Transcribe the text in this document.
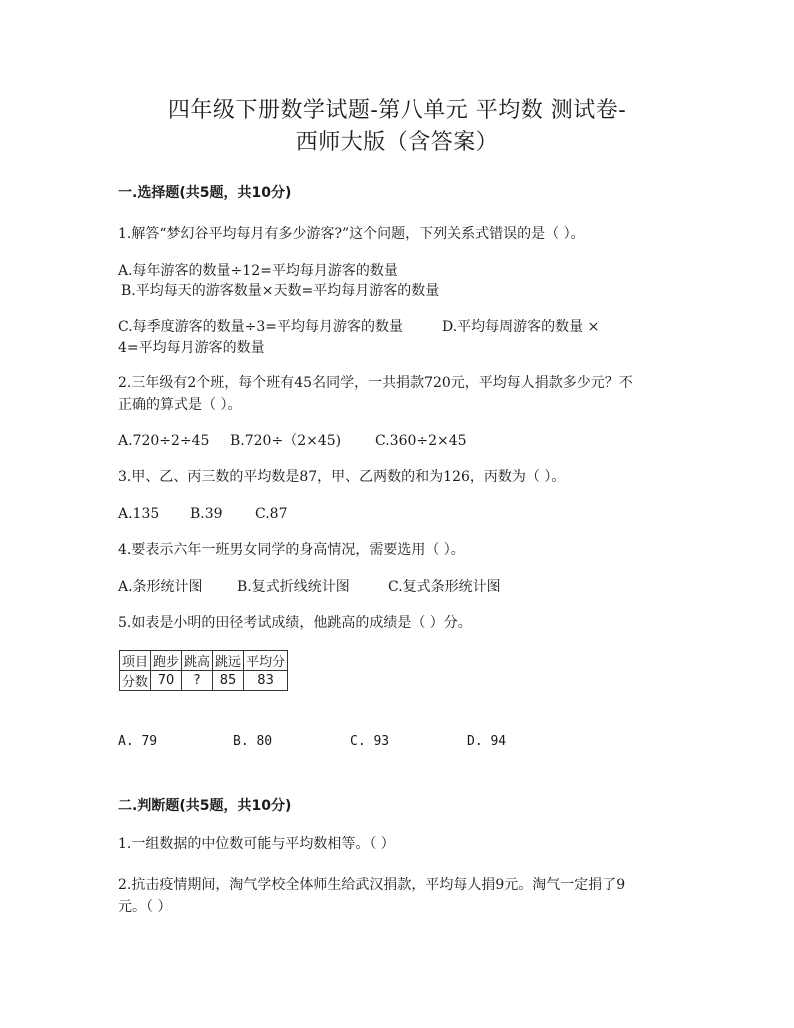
四年级下册数学试题-第八单元 平均数 测试卷-
西师大版（含答案）
一.选择题(共5题，共10分)
1.解答“梦幻谷平均每月有多少游客?”这个问题，下列关系式错误的是（ ）。
A.每年游客的数量÷12=平均每月游客的数量
B.平均每天的游客数量×天数=平均每月游客的数量
C.每季度游客的数量÷3=平均每月游客的数量	D.平均每周游客的数量 ×
4=平均每月游客的数量
2.三年级有2个班，每个班有45名同学，一共捐款720元，平均每人捐款多少元？不
正确的算式是（ ）。
A.720÷2÷45 B.720÷（2×45) C.360÷2×45
3.甲、乙、丙三数的平均数是87，甲、乙两数的和为126，丙数为（ ）。
A.135 B.39 C.87
4.要表示六年一班男女同学的身高情况，需要选用（ ）。
A.条形统计图 B.复式折线统计图	C.复式条形统计图
5.如表是小明的田径考试成绩，他跳高的成绩是（ ）分。
项目	跑步	跳高	跳远	平均分
分数	70	?	85	83
A. 79	B. 80	C. 93	D. 94
二.判断题(共5题，共10分)
1.一组数据的中位数可能与平均数相等。（ ）
2.抗击疫情期间，淘气学校全体师生给武汉捐款，平均每人捐9元。淘气一定捐了9
元。（ ）
